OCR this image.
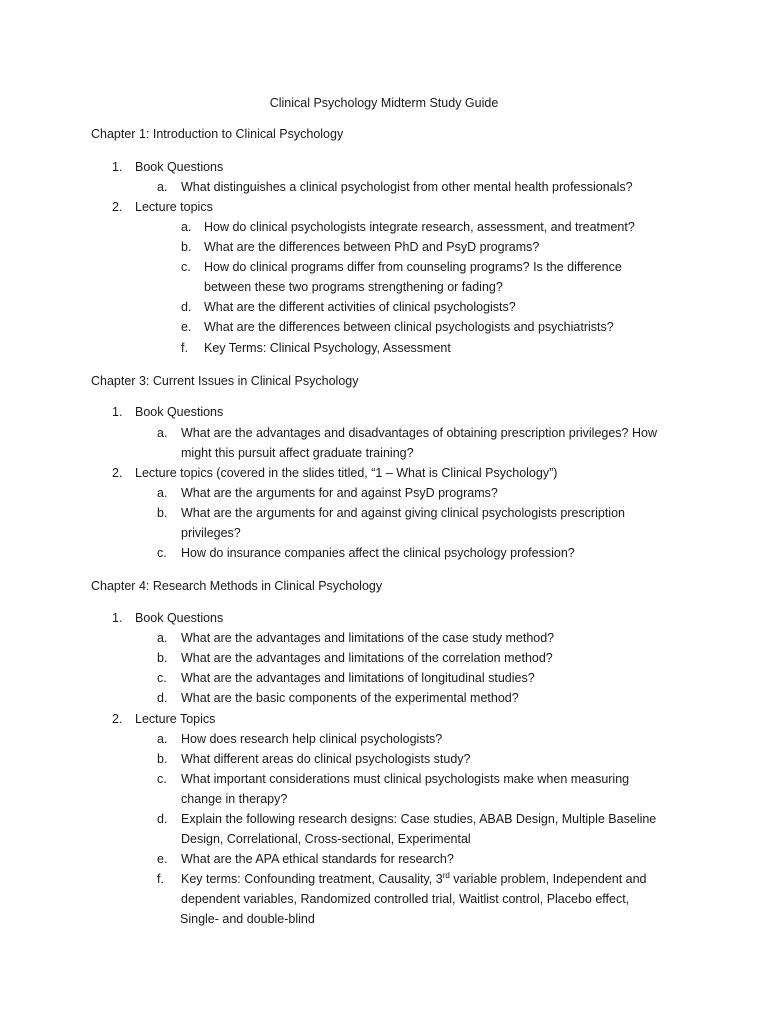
Clinical Psychology Midterm Study Guide
Chapter 1: Introduction to Clinical Psychology
1. Book Questions
a. What distinguishes a clinical psychologist from other mental health professionals?
2. Lecture topics
a. How do clinical psychologists integrate research, assessment, and treatment?
b. What are the differences between PhD and PsyD programs?
c. How do clinical programs differ from counseling programs? Is the difference
between these two programs strengthening or fading?
d. What are the different activities of clinical psychologists?
e. What are the differences between clinical psychologists and psychiatrists?
f. Key Terms: Clinical Psychology, Assessment
Chapter 3: Current Issues in Clinical Psychology
1. Book Questions
a. What are the advantages and disadvantages of obtaining prescription privileges? How
might this pursuit affect graduate training?
2. Lecture topics (covered in the slides titled, “1 – What is Clinical Psychology”)
a. What are the arguments for and against PsyD programs?
b. What are the arguments for and against giving clinical psychologists prescription
privileges?
c. How do insurance companies affect the clinical psychology profession?
Chapter 4: Research Methods in Clinical Psychology
1. Book Questions
a. What are the advantages and limitations of the case study method?
b. What are the advantages and limitations of the correlation method?
c. What are the advantages and limitations of longitudinal studies?
d. What are the basic components of the experimental method?
2. Lecture Topics
a. How does research help clinical psychologists?
b. What different areas do clinical psychologists study?
c. What important considerations must clinical psychologists make when measuring
change in therapy?
d. Explain the following research designs: Case studies, ABAB Design, Multiple Baseline
Design, Correlational, Cross-sectional, Experimental
e. What are the APA ethical standards for research?
f. Key terms: Confounding treatment, Causality, 3rd variable problem, Independent and
dependent variables, Randomized controlled trial, Waitlist control, Placebo effect,
Single- and double-blind
